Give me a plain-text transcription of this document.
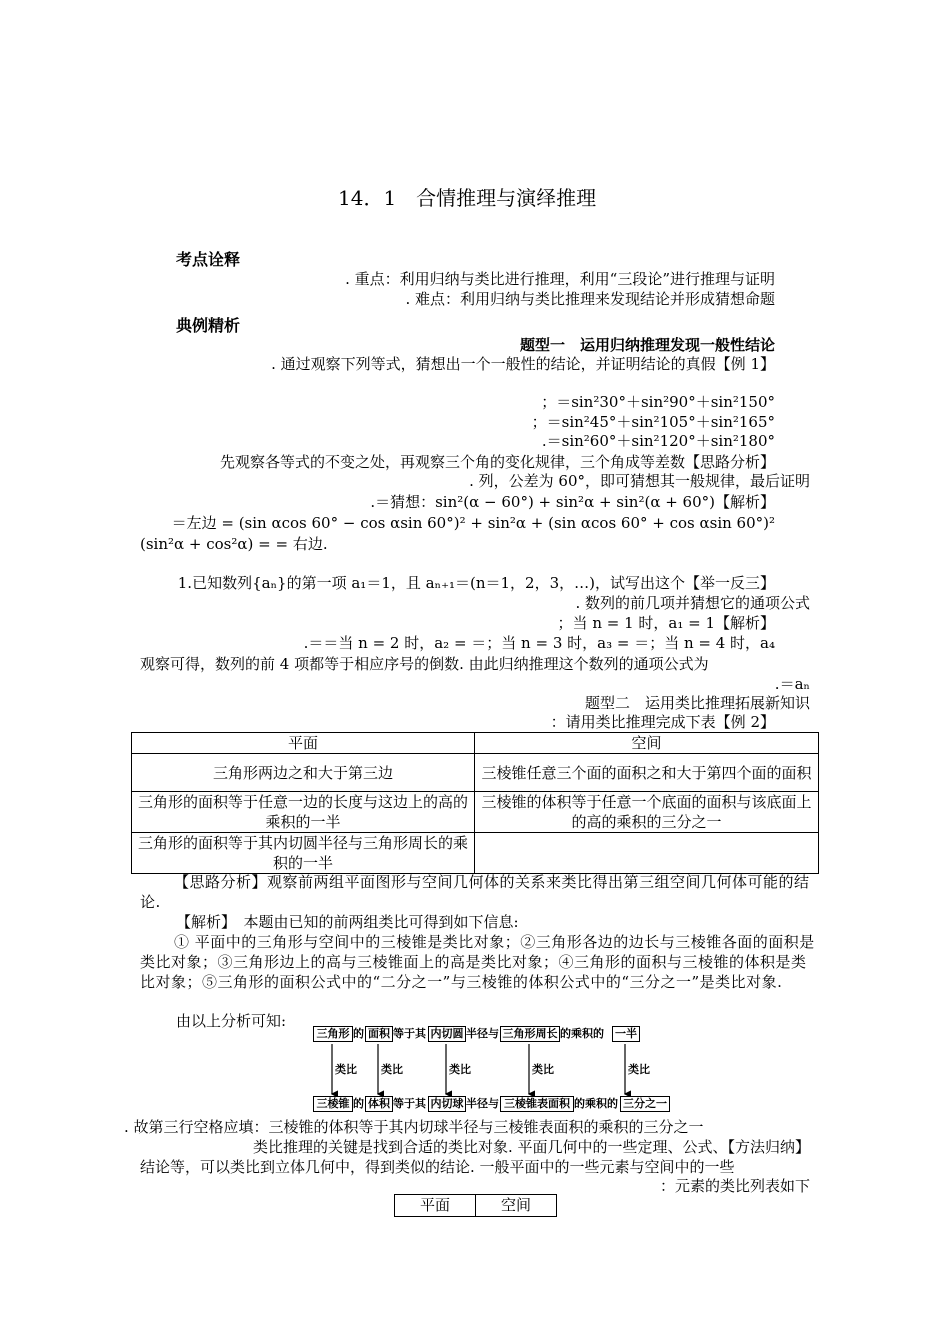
14．1　合情推理与演绎推理
考点诠释
. 重点：利用归纳与类比进行推理，利用“三段论”进行推理与证明
. 难点：利用归纳与类比推理来发现结论并形成猜想命题
典例精析
题型一　运用归纳推理发现一般性结论
. 通过观察下列等式，猜想出一个一般性的结论，并证明结论的真假【例 1】
；＝sin²30°＋sin²90°＋sin²150°
；＝sin²45°＋sin²105°＋sin²165°
.＝sin²60°＋sin²120°＋sin²180°
先观察各等式的不变之处，再观察三个角的变化规律，三个角成等差数【思路分析】
. 列，公差为 60°，即可猜想其一般规律，最后证明
.＝猜想：sin²(α − 60°) + sin²α + sin²(α + 60°)【解析】
＝左边 = (sin αcos 60° − cos αsin 60°)² + sin²α + (sin αcos 60° + cos αsin 60°)²
(sin²α + cos²α) = = 右边.
1.已知数列{aₙ}的第一项 a₁＝1，且 aₙ₊₁＝(n＝1，2，3，…)，试写出这个【举一反三】
. 数列的前几项并猜想它的通项公式
；当 n = 1 时，a₁ = 1【解析】
.＝＝当 n = 2 时，a₂ = ＝；当 n = 3 时，a₃ = ＝；当 n = 4 时，a₄
观察可得，数列的前 4 项都等于相应序号的倒数. 由此归纳推理这个数列的通项公式为
.＝aₙ
题型二　运用类比推理拓展新知识
：请用类比推理完成下表【例 2】
平面	空间
三角形两边之和大于第三边	三棱锥任意三个面的面积之和大于第四个面的面积
三角形的面积等于任意一边的长度与这边上的高的乘积的一半	三棱锥的体积等于任意一个底面的面积与该底面上的高的乘积的三分之一
三角形的面积等于其内切圆半径与三角形周长的乘积的一半	
【思路分析】观察前两组平面图形与空间几何体的关系来类比得出第三组空间几何体可能的结论.
【解析】　本题由已知的前两组类比可得到如下信息:
① 平面中的三角形与空间中的三棱锥是类比对象；②三角形各边的边长与三棱锥各面的面积是类比对象；③三角形边上的高与三棱锥面上的高是类比对象；④三角形的面积与三棱锥的体积是类比对象；⑤三角形的面积公式中的“二分之一”与三棱锥的体积公式中的“三分之一”是类比对象.
由以上分析可知:
三角形 的 面积 等于其 内切圆 半径与 三角形周长 的乘积的 一半
类比 类比	类比	类比	类比
三棱锥 的 体积 等于其 内切球 半径与 三棱锥表面积 的乘积的 三分之一
. 故第三行空格应填：三棱锥的体积等于其内切球半径与三棱锥表面积的乘积的三分之一
类比推理的关键是找到合适的类比对象. 平面几何中的一些定理、公式、【方法归纳】
结论等，可以类比到立体几何中，得到类似的结论. 一般平面中的一些元素与空间中的一些
：元素的类比列表如下
平面	空间
